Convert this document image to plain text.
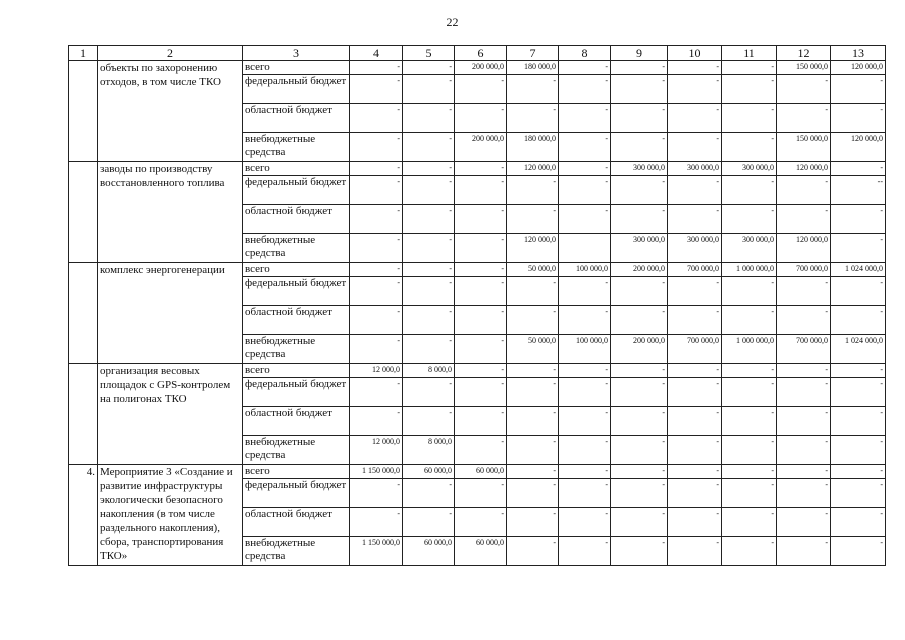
22
1	2	3	4	5	6	7	8	9	10	11	12	13
	объекты по захоронению отходов, в том числе ТКО	всего	-	-	200 000,0	180 000,0	-	-	-	-	150 000,0	120 000,0
		федеральный бюджет	-	-	-	-	-	-	-	-	-	-
		областной бюджет	-	-	-	-	-	-	-	-	-	-
		внебюджетные средства	-	-	200 000,0	180 000,0	-	-	-	-	150 000,0	120 000,0
	заводы по производству восстановленного топлива	всего	-	-	-	120 000,0	-	300 000,0	300 000,0	300 000,0	120 000,0	-
		федеральный бюджет	-	-	-	-	-	-	-	-	-	--
		областной бюджет	-	-	-	-	-	-	-	-	-	-
		внебюджетные средства	-	-	-	120 000,0		300 000,0	300 000,0	300 000,0	120 000,0	-
	комплекс энергогенерации	всего	-	-	-	50 000,0	100 000,0	200 000,0	700 000,0	1 000 000,0	700 000,0	1 024 000,0
		федеральный бюджет	-	-	-	-	-	-	-	-	-	-
		областной бюджет	-	-	-	-	-	-	-	-	-	-
		внебюджетные средства	-	-	-	50 000,0	100 000,0	200 000,0	700 000,0	1 000 000,0	700 000,0	1 024 000,0
	организация весовых площадок с GPS-контролем на полигонах ТКО	всего	12 000,0	8 000,0	-	-	-	-	-	-	-	-
		федеральный бюджет	-	-	-	-	-	-	-	-	-	-
		областной бюджет	-	-	-	-	-	-	-	-	-	-
		внебюджетные средства	12 000,0	8 000,0	-	-	-	-	-	-	-	-
4.	Мероприятие 3 «Создание и развитие инфраструктуры экологически безопасного накопления (в том числе раздельного накопления), сбора, транспортирования ТКО»	всего	1 150 000,0	60 000,0	60 000,0	-	-	-	-	-	-	-
		федеральный бюджет	-	-	-	-	-	-	-	-	-	-
		областной бюджет	-	-	-	-	-	-	-	-	-	-
		внебюджетные средства	1 150 000,0	60 000,0	60 000,0	-	-	-	-	-	-	-
